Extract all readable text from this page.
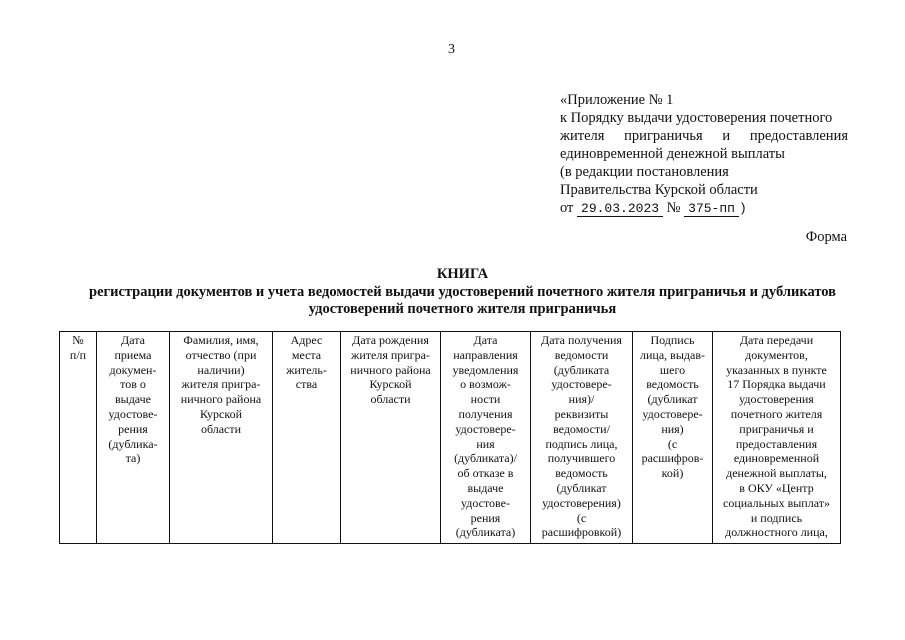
3
«Приложение № 1
к Порядку выдачи удостоверения почетного
жителя приграничья и предоставления
единовременной денежной выплаты
(в редакции постановления
Правительства Курской области
от 29.03.2023 № 375-пп )
Форма
КНИГА
регистрации документов и учета ведомостей выдачи удостоверений почетного жителя приграничья и дубликатов
удостоверений почетного жителя приграничья
№
п/п	Дата
приема
докумен-
тов о
выдаче
удостове-
рения
(дублика-
та)	Фамилия, имя,
отчество (при
наличии)
жителя пригра-
ничного района
Курской
области	Адрес
места
житель-
ства	Дата рождения
жителя пригра-
ничного района
Курской
области	Дата
направления
уведомления
о возмож-
ности
получения
удостовере-
ния
(дубликата)/
об отказе в
выдаче
удостове-
рения
(дубликата)	Дата получения
ведомости
(дубликата
удостовере-
ния)/
реквизиты
ведомости/
подпись лица,
получившего
ведомость
(дубликат
удостоверения)
(с
расшифровкой)	Подпись
лица, выдав-
шего
ведомость
(дубликат
удостовере-
ния)
(с
расшифров-
кой)	Дата передачи
документов,
указанных в пункте
17 Порядка выдачи
удостоверения
почетного жителя
приграничья и
предоставления
единовременной
денежной выплаты,
в ОКУ «Центр
социальных выплат»
и подпись
должностного лица,
